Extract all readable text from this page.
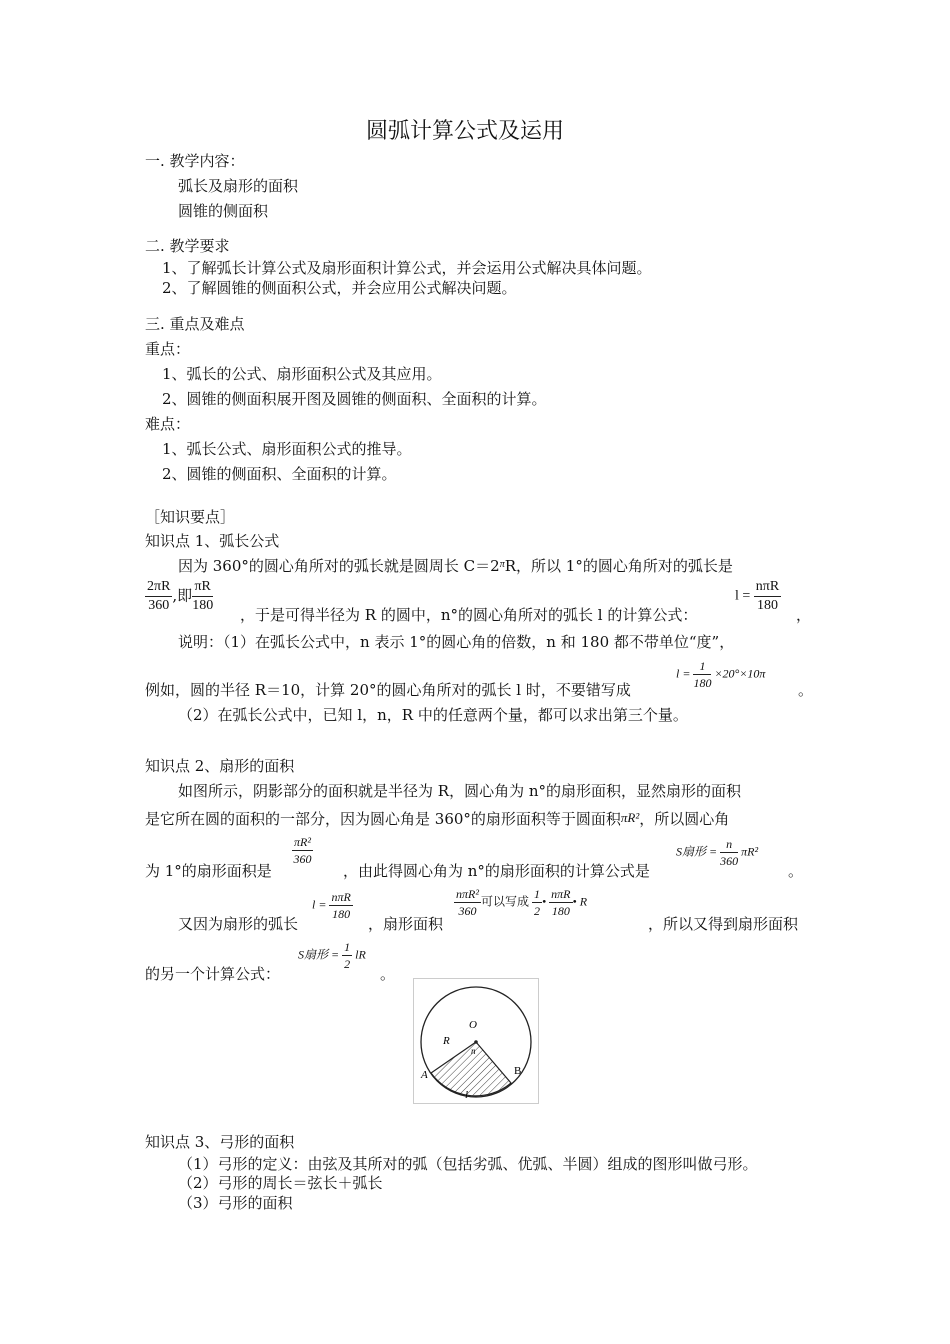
圆弧计算公式及运用
一. 教学内容：
弧长及扇形的面积
圆锥的侧面积
二. 教学要求
1、了解弧长计算公式及扇形面积计算公式，并会运用公式解决具体问题。
2、了解圆锥的侧面积公式，并会应用公式解决问题。
三. 重点及难点
重点：
1、弧长的公式、扇形面积公式及其应用。
2、圆锥的侧面积展开图及圆锥的侧面积、全面积的计算。
难点：
1、弧长公式、扇形面积公式的推导。
2、圆锥的侧面积、全面积的计算。
［知识要点］
知识点 1、弧长公式
因为 360°的圆心角所对的弧长就是圆周长 $C=2^\pi R$，所以 1°的圆心角所对的弧长是
$\frac{2\pi R}{360}$ ,即 $\frac{\pi R}{180}$
，于是可得半径为 R 的圆中，n°的圆心角所对的弧长 l 的计算公式：
$l = \frac{\text{nπR}}{180}$
，
说明：（1）在弧长公式中，n 表示 1°的圆心角的倍数，n 和 180 都不带单位“度”，
例如，圆的半径 R＝10，计算 20°的圆心角所对的弧长 l 时，不要错写成
$l = \frac{1}{180} \times 20^\circ\times 10\pi$
。
（2）在弧长公式中，已知 l，n，R 中的任意两个量，都可以求出第三个量。
知识点 2、扇形的面积
如图所示，阴影部分的面积就是半径为 R，圆心角为 n°的扇形面积，显然扇形的面积
是它所在圆的面积的一部分，因为圆心角是 360°的扇形面积等于圆面积πR²，所以圆心角
为 1°的扇形面积是
$\frac{\text{πR²}}{360}$
，由此得圆心角为 n°的扇形面积的计算公式是
S扇形 = $\frac{n}{360} \pi R^2$
。
又因为扇形的弧长
$l = \frac{\text{nπR}}{180}$
，扇形面积
$\frac{\text{nπR²}}{360}$ 可以写成 $\frac{1}{2}$ • $\frac{\text{nπR}}{180}$ • R
，所以又得到扇形面积
的另一个计算公式：
S扇形 = $\frac{1}{2}$ lR
。
O
R
n
A	B
l
知识点 3、弓形的面积
（1）弓形的定义：由弦及其所对的弧（包括劣弧、优弧、半圆）组成的图形叫做弓形。
（2）弓形的周长＝弦长＋弧长
（3）弓形的面积
